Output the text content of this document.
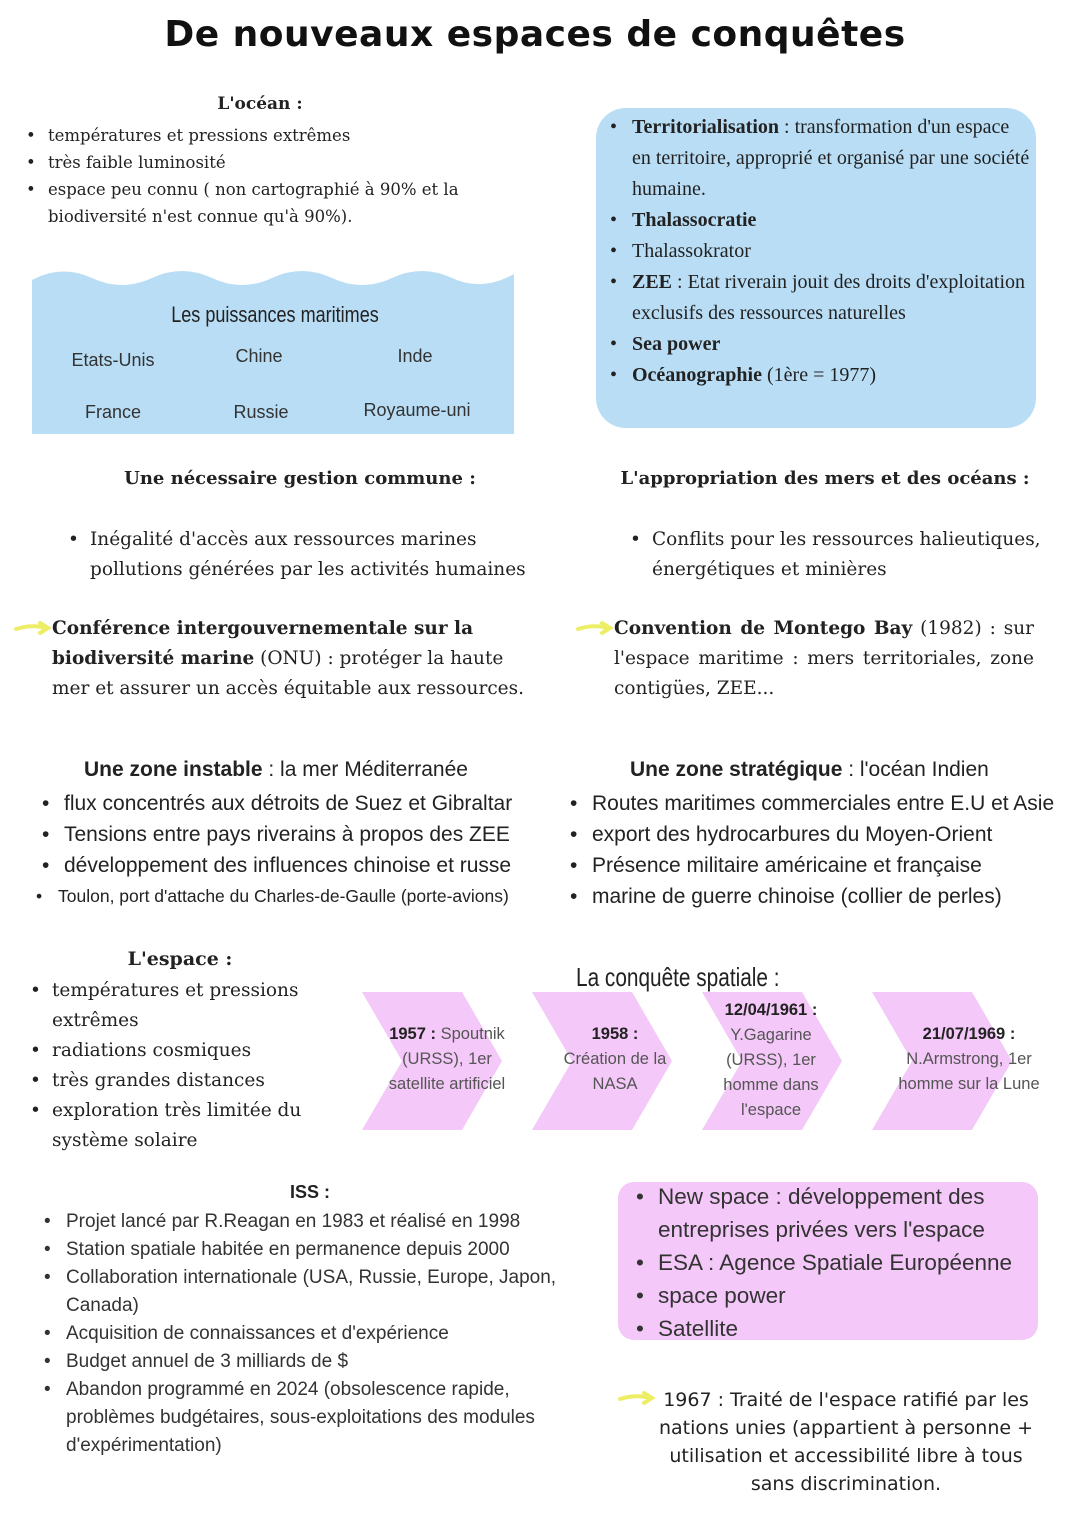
De nouveaux espaces de conquêtes
L'océan :
• températures et pressions extrêmes
• très faible luminosité
• espace peu connu ( non cartographié à 90% et la biodiversité n'est connue qu'à 90%).
Les puissances maritimes
Etats-Unis	Chine	Inde
France	Russie	Royaume-uni
• Territorialisation : transformation d'un espace en territoire, approprié et organisé par une société humaine.
• Thalassocratie
• Thalassokrator
• ZEE : Etat riverain jouit des droits d'exploitation exclusifs des ressources naturelles
• Sea power
• Océanographie (1ère = 1977)
Une nécessaire gestion commune :
• Inégalité d'accès aux ressources marines pollutions générées par les activités humaines
Conférence intergouvernementale sur la
biodiversité marine (ONU) : protéger la haute mer et assurer un accès équitable aux ressources.
L'appropriation des mers et des océans :
• Conflits pour les ressources halieutiques, énergétiques et minières
Convention de Montego Bay (1982) : sur l'espace maritime : mers territoriales, zone contigües, ZEE...
Une zone instable : la mer Méditerranée
• flux concentrés aux détroits de Suez et Gibraltar
• Tensions entre pays riverains à propos des ZEE
• développement des influences chinoise et russe
• Toulon, port d'attache du Charles-de-Gaulle (porte-avions)
Une zone stratégique : l'océan Indien
• Routes maritimes commerciales entre E.U et Asie
• export des hydrocarbures du Moyen-Orient
• Présence militaire américaine et française
• marine de guerre chinoise (collier de perles)
L'espace :
• températures et pressions extrêmes
• radiations cosmiques
• très grandes distances
• exploration très limitée du système solaire
La conquête spatiale :
1957 : Spoutnik (URSS), 1er satellite artificiel
1958 :
Création de la NASA
12/04/1961 :
Y.Gagarine (URSS), 1er homme dans l'espace
21/07/1969 :
N.Armstrong, 1er homme sur la Lune
ISS :
• Projet lancé par R.Reagan en 1983 et réalisé en 1998
• Station spatiale habitée en permanence depuis 2000
• Collaboration internationale (USA, Russie, Europe, Japon, Canada)
• Acquisition de connaissances et d'expérience
• Budget annuel de 3 milliards de $
• Abandon programmé en 2024 (obsolescence rapide, problèmes budgétaires, sous-exploitations des modules d'expérimentation)
• New space : développement des entreprises privées vers l'espace
• ESA : Agence Spatiale Européenne
• space power
• Satellite
1967 : Traité de l'espace ratifié par les nations unies (appartient à personne + utilisation et accessibilité libre à tous sans discrimination.
